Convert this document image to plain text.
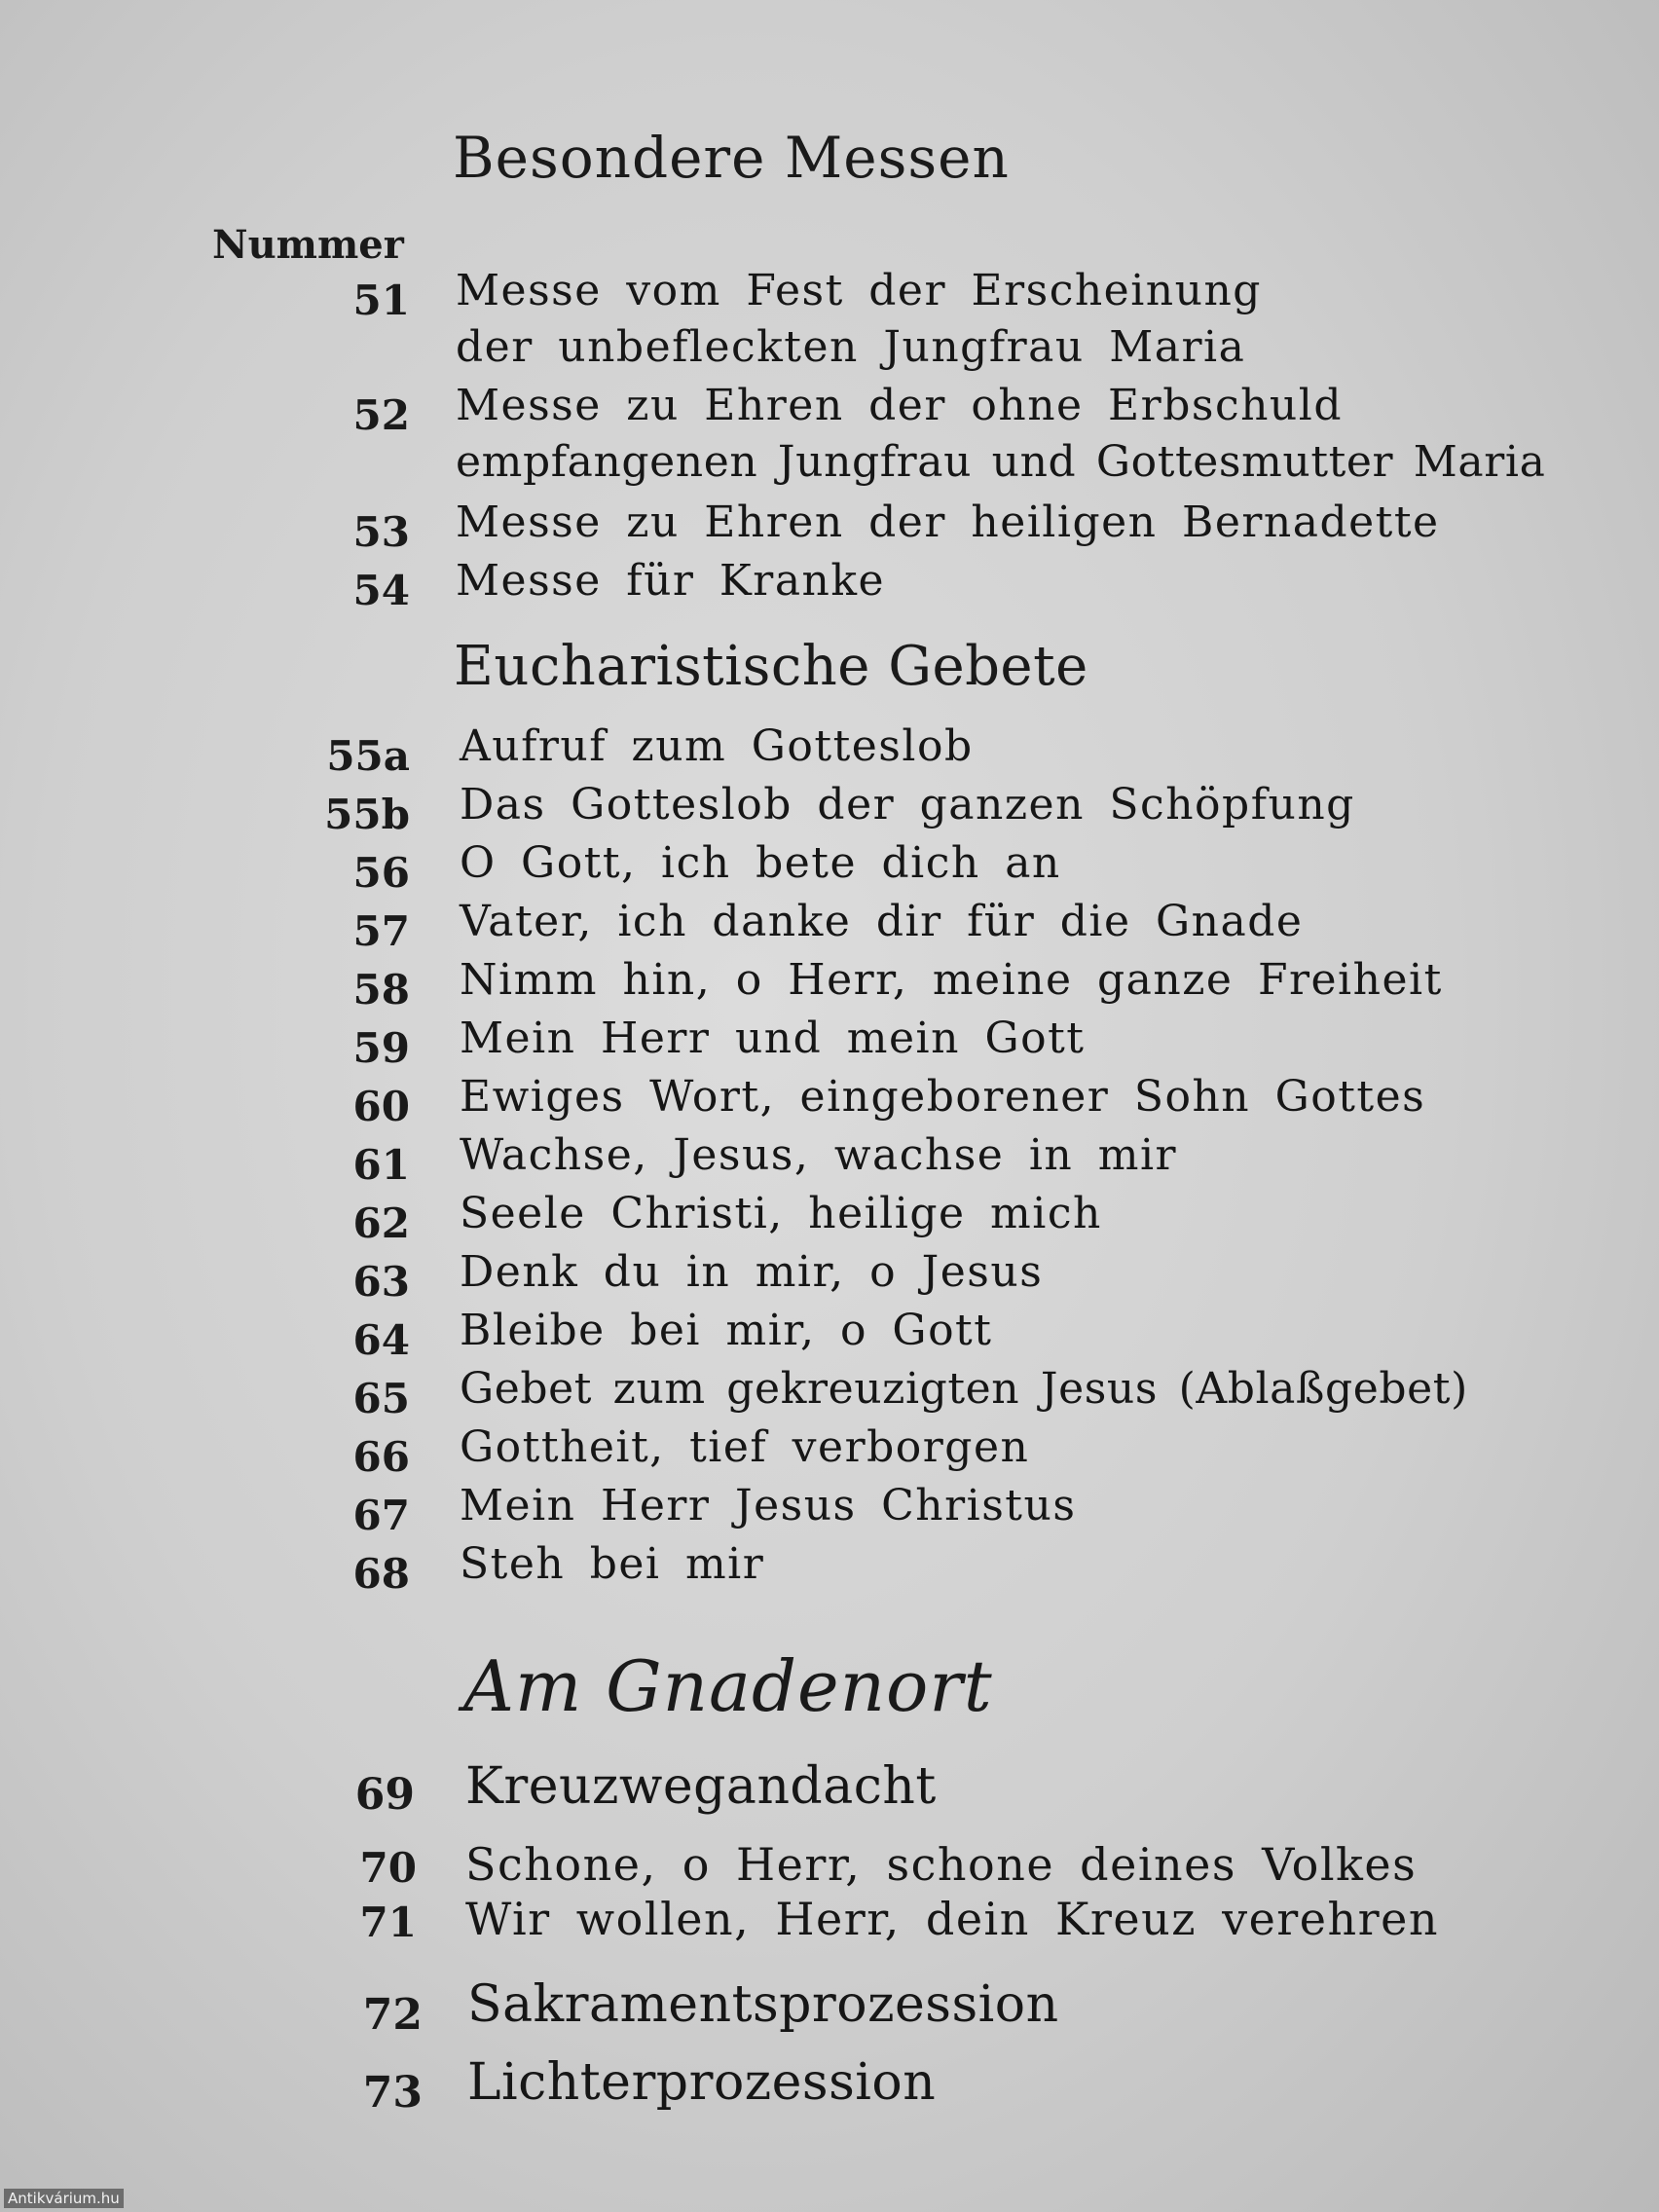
Besondere Messen
Nummer
51 Messe vom Fest der Erscheinung
der unbefleckten Jungfrau Maria
52 Messe zu Ehren der ohne Erbschuld
empfangenen Jungfrau und Gottesmutter Maria
53 Messe zu Ehren der heiligen Bernadette
54 Messe für Kranke
Eucharistische Gebete
55a Aufruf zum Gotteslob
55b Das Gotteslob der ganzen Schöpfung
56 O Gott, ich bete dich an
57 Vater, ich danke dir für die Gnade
58 Nimm hin, o Herr, meine ganze Freiheit
59 Mein Herr und mein Gott
60 Ewiges Wort, eingeborener Sohn Gottes
61 Wachse, Jesus, wachse in mir
62 Seele Christi, heilige mich
63 Denk du in mir, o Jesus
64 Bleibe bei mir, o Gott
65 Gebet zum gekreuzigten Jesus (Ablaßgebet)
66 Gottheit, tief verborgen
67 Mein Herr Jesus Christus
68 Steh bei mir
Am Gnadenort
69 Kreuzwegandacht
70 Schone, o Herr, schone deines Volkes
71 Wir wollen, Herr, dein Kreuz verehren
72 Sakramentsprozession
73 Lichterprozession
Antikvárium.hu
